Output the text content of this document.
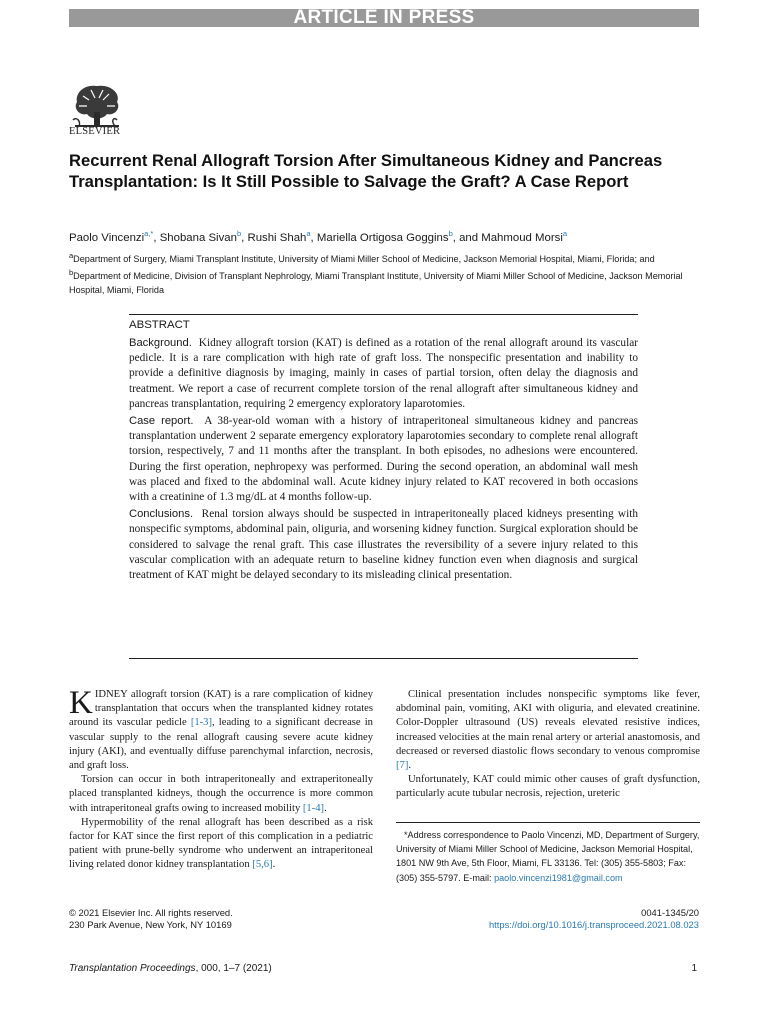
ARTICLE IN PRESS
ELSEVIER
Recurrent Renal Allograft Torsion After Simultaneous Kidney and Pancreas Transplantation: Is It Still Possible to Salvage the Graft? A Case Report
Paolo Vincenzi$^{a,*}$, Shobana Sivan$^b$, Rushi Shah$^a$, Mariella Ortigosa Goggins$^b$, and Mahmoud Morsi$^a$
$^a$Department of Surgery, Miami Transplant Institute, University of Miami Miller School of Medicine, Jackson Memorial Hospital, Miami, Florida; and $^b$Department of Medicine, Division of Transplant Nephrology, Miami Transplant Institute, University of Miami Miller School of Medicine, Jackson Memorial Hospital, Miami, Florida
ABSTRACT

Background. Kidney allograft torsion (KAT) is defined as a rotation of the renal allograft around its vascular pedicle. It is a rare complication with high rate of graft loss. The nonspecific presentation and inability to provide a definitive diagnosis by imaging, mainly in cases of partial torsion, often delay the diagnosis and treatment. We report a case of recurrent complete torsion of the renal allograft after simultaneous kidney and pancreas transplantation, requiring 2 emergency exploratory laparotomies.

Case report. A 38-year-old woman with a history of intraperitoneal simultaneous kidney and pancreas transplantation underwent 2 separate emergency exploratory laparotomies secondary to complete renal allograft torsion, respectively, 7 and 11 months after the transplant. In both episodes, no adhesions were encountered. During the first operation, nephropexy was performed. During the second operation, an abdominal wall mesh was placed and fixed to the abdominal wall. Acute kidney injury related to KAT recovered in both occasions with a creatinine of 1.3 mg/dL at 4 months follow-up.

Conclusions. Renal torsion always should be suspected in intraperitoneally placed kidneys presenting with nonspecific symptoms, abdominal pain, oliguria, and worsening kidney function. Surgical exploration should be considered to salvage the renal graft. This case illustrates the reversibility of a severe injury related to this vascular complication with an adequate return to baseline kidney function even when diagnosis and surgical treatment of KAT might be delayed secondary to its misleading clinical presentation.

KIDNEY allograft torsion (KAT) is a rare complication of kidney transplantation that occurs when the transplanted kidney rotates around its vascular pedicle [1-3], leading to a significant decrease in vascular supply to the renal allograft causing severe acute kidney injury (AKI), and eventually diffuse parenchymal infarction, necrosis, and graft loss.

Torsion can occur in both intraperitoneally and extraperitoneally placed transplanted kidneys, though the occurrence is more common with intraperitoneal grafts owing to increased mobility [1-4].

Hypermobility of the renal allograft has been described as a risk factor for KAT since the first report of this complication in a pediatric patient with prune-belly syndrome who underwent an intraperitoneal living related donor kidney transplantation [5,6].

Clinical presentation includes nonspecific symptoms like fever, abdominal pain, vomiting, AKI with oliguria, and elevated creatinine. Color-Doppler ultrasound (US) reveals elevated resistive indices, increased velocities at the main renal artery or arterial anastomosis, and decreased or reversed diastolic flows secondary to venous compromise [7].

Unfortunately, KAT could mimic other causes of graft dysfunction, particularly acute tubular necrosis, rejection, ureteric

*Address correspondence to Paolo Vincenzi, MD, Department of Surgery, University of Miami Miller School of Medicine, Jackson Memorial Hospital, 1801 NW 9th Ave, 5th Floor, Miami, FL 33136. Tel: (305) 355-5803; Fax: (305) 355-5797. E-mail: paolo.vincenzi1981@gmail.com

© 2021 Elsevier Inc. All rights reserved.
230 Park Avenue, New York, NY 10169
0041-1345/20
https://doi.org/10.1016/j.transproceed.2021.08.023
Transplantation Proceedings, 000, 1–7 (2021)	1
